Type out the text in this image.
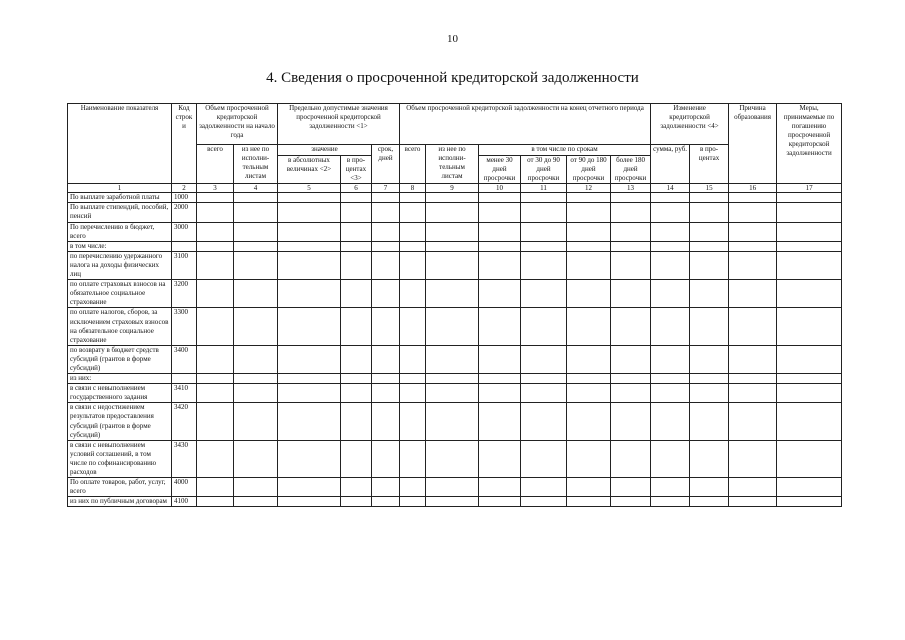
10
4. Сведения о просроченной кредиторской задолженности
Наименование показателя	Код строки	Объем просроченной кредиторской задолженности на начало года		Предельно допустимые значения просроченной кредиторской задолженности <1>			Объем просроченной кредиторской задолженности на конец отчетного периода						Изменение кредиторской задолженности <4>		Причина образования	Меры, принимаемые по погашению просроченной кредиторской задолженности
		всего	из нее по исполни-тельным листам	значение		срок, дней	всего	из нее по исполни-тельным листам	в том числе по срокам				сумма, руб.	в про-центах		
				в абсолютных величинах <2>	в про-центах <3>				менее 30 дней просрочки	от 30 до 90 дней просрочки	от 90 до 180 дней просрочки	более 180 дней просрочки				
1	2	3	4	5	6	7	8	9	10	11	12	13	14	15	16	17
По выплате заработной платы	1000															
По выплате стипендий, пособий, пенсий	2000															
По перечислению в бюджет, всего	3000															
в том числе:																
по перечислению удержанного налога на доходы физических лиц	3100															
по оплате страховых взносов на обязательное социальное страхование	3200															
по оплате налогов, сборов, за исключением страховых взносов на обязательное социальное страхование	3300															
по возврату в бюджет средств субсидий (грантов в форме субсидий)	3400															
из них:																
в связи с невыполнением государственного задания	3410															
в связи с недостижением результатов предоставления субсидий (грантов в форме субсидий)	3420															
в связи с невыполнением условий соглашений, в том числе по софинансированию расходов	3430															
По оплате товаров, работ, услуг, всего	4000															
из них по публичным договорам	4100															
